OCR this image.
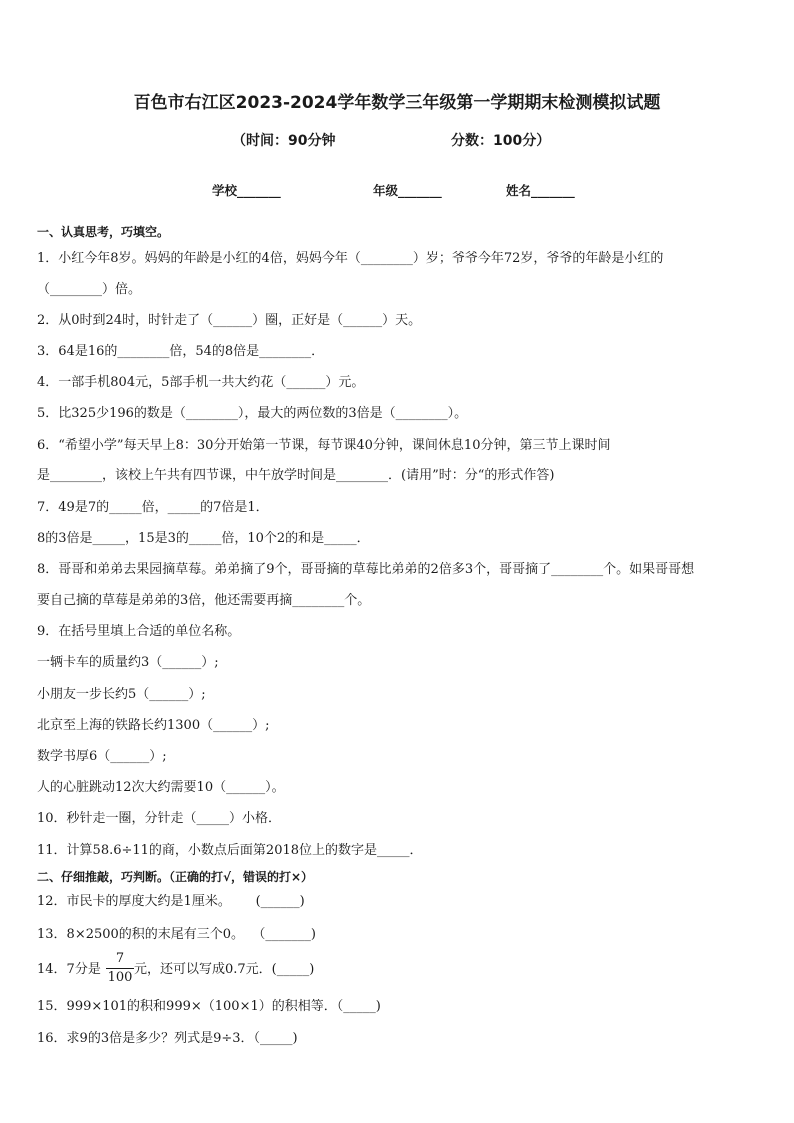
百色市右江区2023-2024学年数学三年级第一学期期末检测模拟试题
（时间：90分钟	分数：100分）
学校_______	年级_______	姓名_______
一、认真思考，巧填空。
1．小红今年8岁。妈妈的年龄是小红的4倍，妈妈今年（________）岁；爷爷今年72岁，爷爷的年龄是小红的
（________）倍。
2．从0时到24时，时针走了（______）圈，正好是（______）天。
3．64是16的________倍，54的8倍是________．
4．一部手机804元，5部手机一共大约花（______）元。
5．比325少196的数是（________），最大的两位数的3倍是（________）。
6．“希望小学”每天早上8：30分开始第一节课，每节课40分钟，课间休息10分钟，第三节上课时间
是________，该校上午共有四节课，中午放学时间是________．(请用”时：分“的形式作答)
7．49是7的_____倍，_____的7倍是1．
8的3倍是_____，15是3的_____倍，10个2的和是_____．
8．哥哥和弟弟去果园摘草莓。弟弟摘了9个，哥哥摘的草莓比弟弟的2倍多3个，哥哥摘了________个。如果哥哥想
要自己摘的草莓是弟弟的3倍，他还需要再摘________个。
9．在括号里填上合适的单位名称。
一辆卡车的质量约3（______）;
小朋友一步长约5（______）;
北京至上海的铁路长约1300（______）;
数学书厚6（______）;
人的心脏跳动12次大约需要10（______）。
10．秒针走一圈，分针走（_____）小格．
11．计算58.6÷11的商，小数点后面第2018位上的数字是_____．
二、仔细推敲，巧判断。（正确的打√，错误的打×）
12．市民卡的厚度大约是1厘米。      (______)
13．8×2500的积的末尾有三个0。  （_______)
14．7分是
7
100
元，还可以写成0.7元．(_____)
15．999×101的积和999×（100×1）的积相等．（_____)
16．求9的3倍是多少？列式是9÷3．（_____)
